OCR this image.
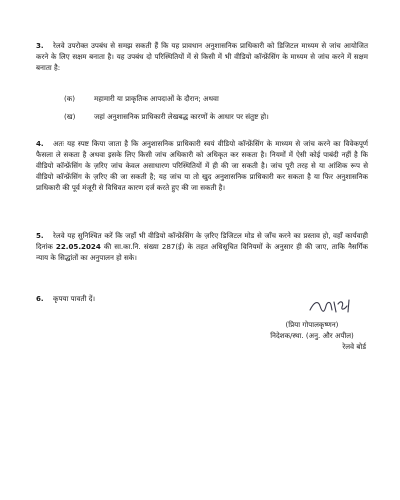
3. रेलवे उपरोक्त उपबंध से समझ सकती हैं कि यह प्रावधान अनुशासनिक प्राधिकारी को डिजिटल माध्यम से जांच आयोजित करने के लिए सक्षम बनाता है। यह उपबंध दो परिस्थितियों में से किसी में भी वीडियो कॉन्फ्रेंसिंग के माध्यम से जांच करने में सक्षम बनाता है:
(क)	महामारी या प्राकृतिक आपदाओं के दौरान; अथवा
(ख)	जहां अनुशासनिक प्राधिकारी लेखबद्ध कारणों के आधार पर संतुष्ट हो।
4. अतः यह स्पष्ट किया जाता है कि अनुशासनिक प्राधिकारी स्वयं वीडियो कॉन्फ्रेंसिंग के माध्यम से जांच करने का विवेकपूर्ण फैसला ले सकता है अथवा इसके लिए किसी जांच अधिकारी को अधिकृत कर सकता है। नियमों में ऐसी कोई पाबंदी नहीं है कि वीडियो कॉन्फ्रेंसिंग के ज़रिए जांच केवल असाधारण परिस्थितियों में ही की जा सकती है। जांच पूरी तरह से या आंशिक रूप से वीडियो कॉन्फ्रेंसिंग के ज़रिए की जा सकती है; यह जांच या तो खुद अनुशासनिक प्राधिकारी कर सकता है या फिर अनुशासनिक प्राधिकारी की पूर्व मंजूरी से विधिवत कारण दर्ज करते हुए की जा सकती है।
5. रेलवे यह सुनिश्चित करें कि जहाँ भी वीडियो कॉन्फ्रेंसिंग के ज़रिए डिजिटल मोड से जाँच करने का प्रस्ताव हो, वहाँ कार्यवाही दिनांक 22.05.2024 की सा.का.नि. संख्या 287(ई) के तहत अधिसूचित विनियमों के अनुसार ही की जाए, ताकि नैसर्गिक न्याय के सिद्धांतों का अनुपालन हो सके।
6. कृपया पावती दें।
(प्रिया गोपालकृष्णन)
निदेशक/स्था. (अनु. और अपील)
रेलवे बोर्ड
